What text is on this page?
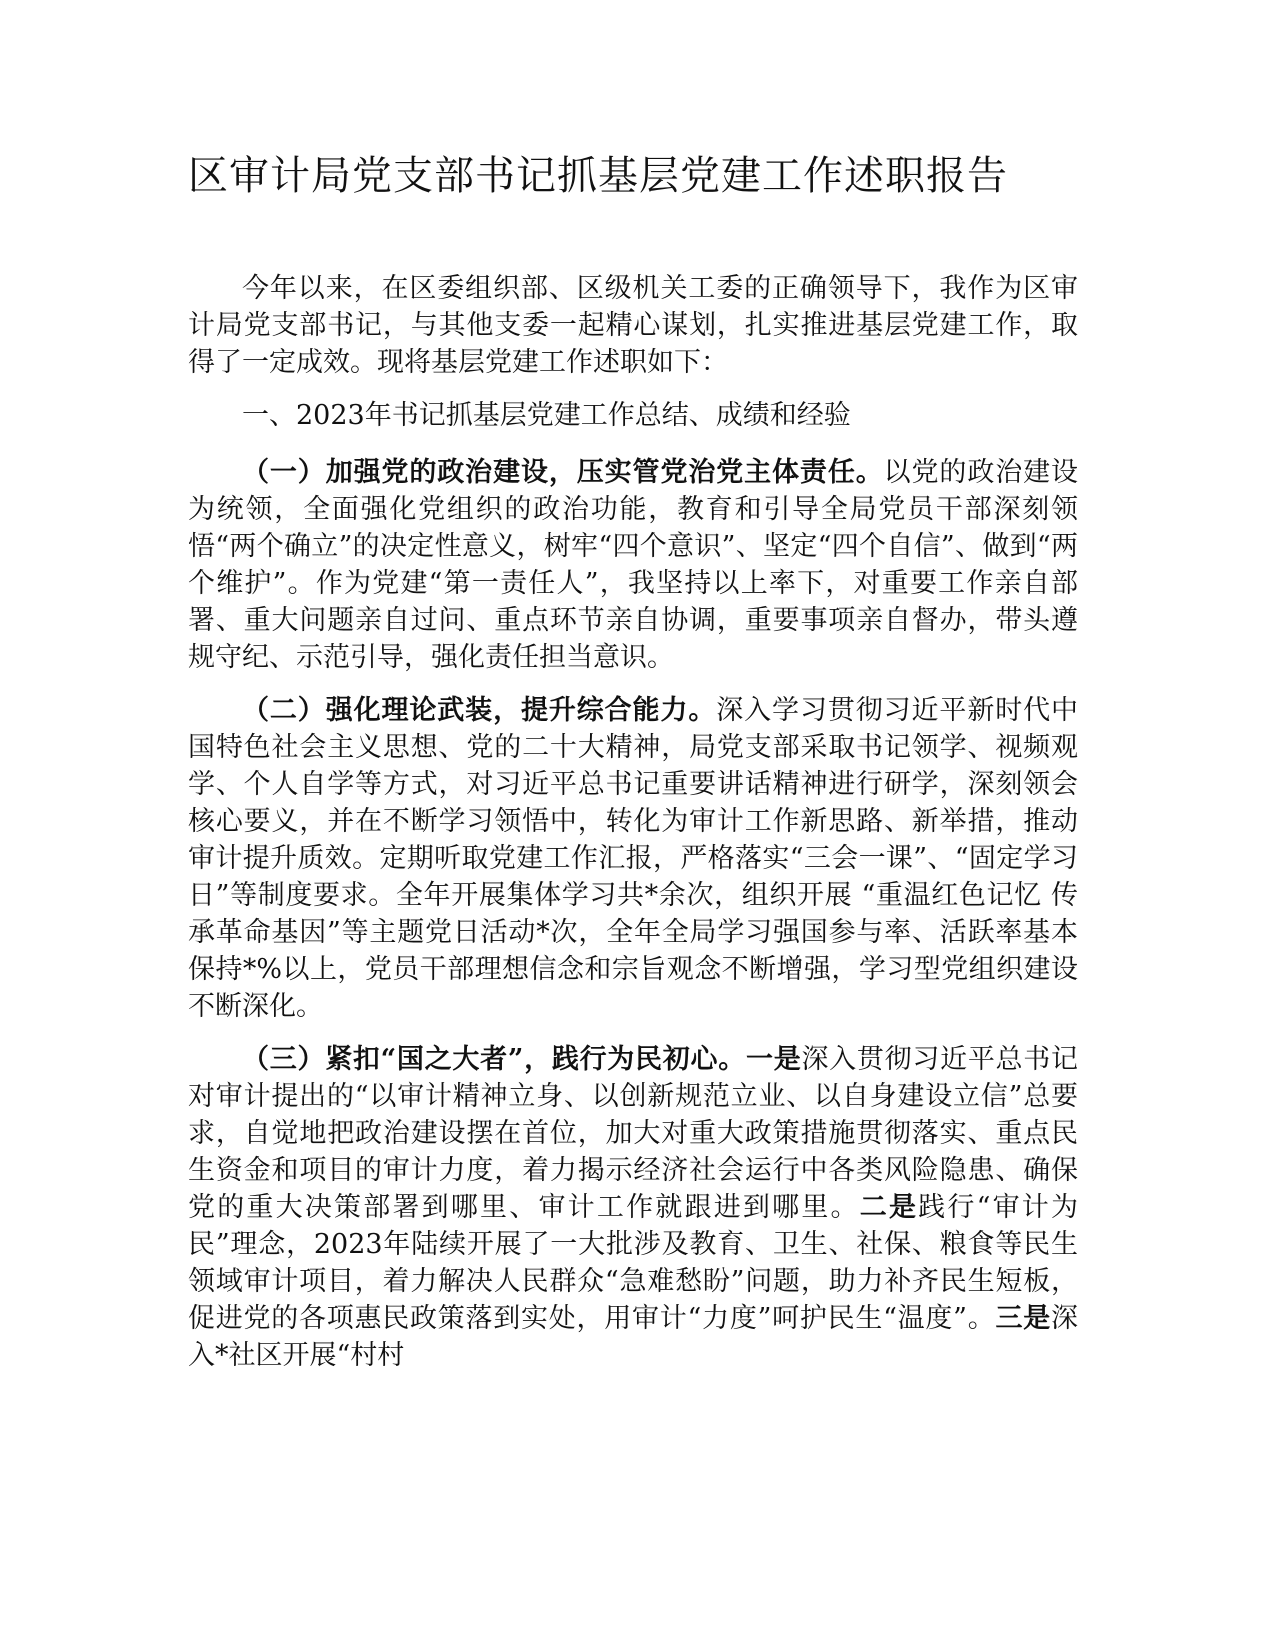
区审计局党支部书记抓基层党建工作述职报告

今年以来，在区委组织部、区级机关工委的正确领导下，我作为区审计局党支部书记，与其他支委一起精心谋划，扎实推进基层党建工作，取得了一定成效。现将基层党建工作述职如下：

一、2023年书记抓基层党建工作总结、成绩和经验

（一）加强党的政治建设，压实管党治党主体责任。以党的政治建设为统领，全面强化党组织的政治功能，教育和引导全局党员干部深刻领悟“两个确立”的决定性意义，树牢“四个意识”、坚定“四个自信”、做到“两个维护”。作为党建“第一责任人”，我坚持以上率下，对重要工作亲自部署、重大问题亲自过问、重点环节亲自协调，重要事项亲自督办，带头遵规守纪、示范引导，强化责任担当意识。

（二）强化理论武装，提升综合能力。深入学习贯彻习近平新时代中国特色社会主义思想、党的二十大精神，局党支部采取书记领学、视频观学、个人自学等方式，对习近平总书记重要讲话精神进行研学，深刻领会核心要义，并在不断学习领悟中，转化为审计工作新思路、新举措，推动审计提升质效。定期听取党建工作汇报，严格落实“三会一课”、“固定学习日”等制度要求。全年开展集体学习共*余次，组织开展 “重温红色记忆 传承革命基因”等主题党日活动*次，全年全局学习强国参与率、活跃率基本保持*%以上，党员干部理想信念和宗旨观念不断增强，学习型党组织建设不断深化。

（三）紧扣“国之大者”，践行为民初心。一是深入贯彻习近平总书记对审计提出的“以审计精神立身、以创新规范立业、以自身建设立信”总要求，自觉地把政治建设摆在首位，加大对重大政策措施贯彻落实、重点民生资金和项目的审计力度，着力揭示经济社会运行中各类风险隐患、确保党的重大决策部署到哪里、审计工作就跟进到哪里。二是践行“审计为民”理念，2023年陆续开展了一大批涉及教育、卫生、社保、粮食等民生领域审计项目，着力解决人民群众“急难愁盼”问题，助力补齐民生短板，促进党的各项惠民政策落到实处，用审计“力度”呵护民生“温度”。三是深入*社区开展“村村
